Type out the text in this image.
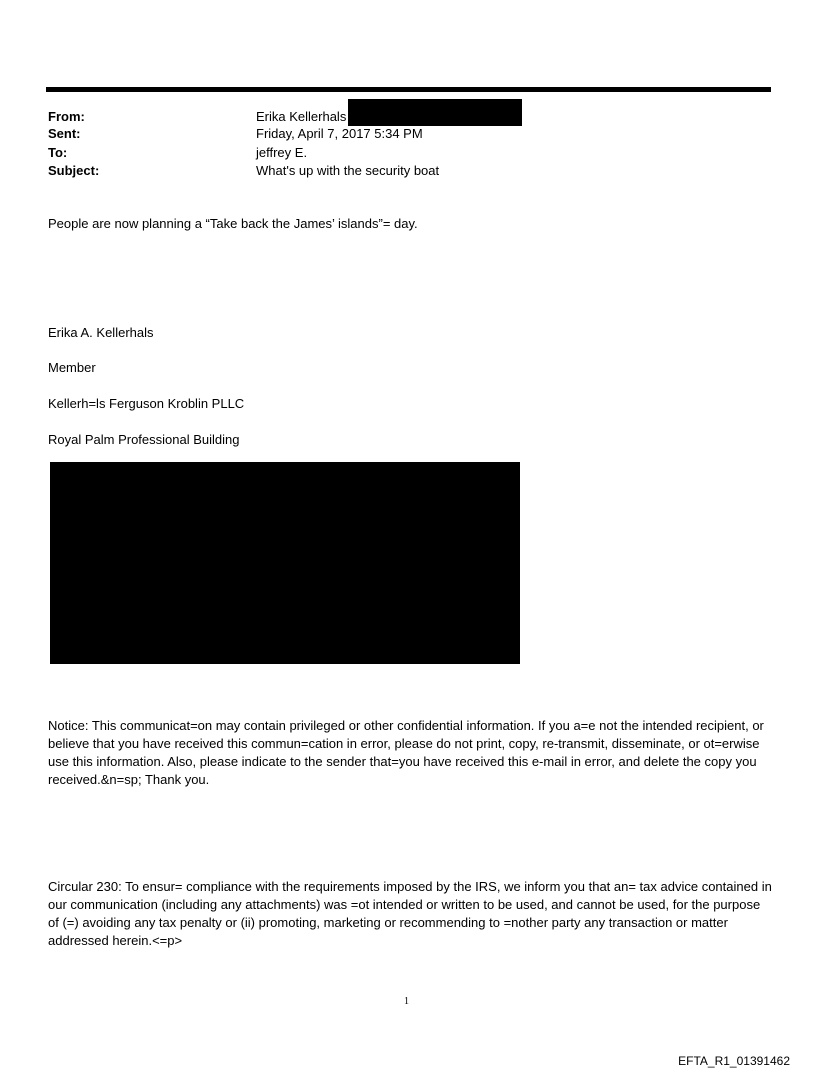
From:	Erika Kellerhals
Sent:	Friday, April 7, 2017 5:34 PM
To:	jeffrey E.
Subject:	What's up with the security boat
People are now planning a “Take back the James’ islands”= day.
Erika A. Kellerhals
Member
Kellerh=ls Ferguson Kroblin PLLC
Royal Palm Professional Building
Notice: This communicat=on may contain privileged or other confidential information. If you a=e not the intended recipient, or believe that you have received this commun=cation in error, please do not print, copy, re-transmit, disseminate, or ot=erwise use this information. Also, please indicate to the sender that=you have received this e-mail in error, and delete the copy you received.&n=sp; Thank you.
Circular 230: To ensur= compliance with the requirements imposed by the IRS, we inform you that an= tax advice contained in our communication (including any attachments) was =ot intended or written to be used, and cannot be used, for the purpose of (=) avoiding any tax penalty or (ii) promoting, marketing or recommending to =nother party any transaction or matter addressed herein.<=p>
1
EFTA_R1_01391462
